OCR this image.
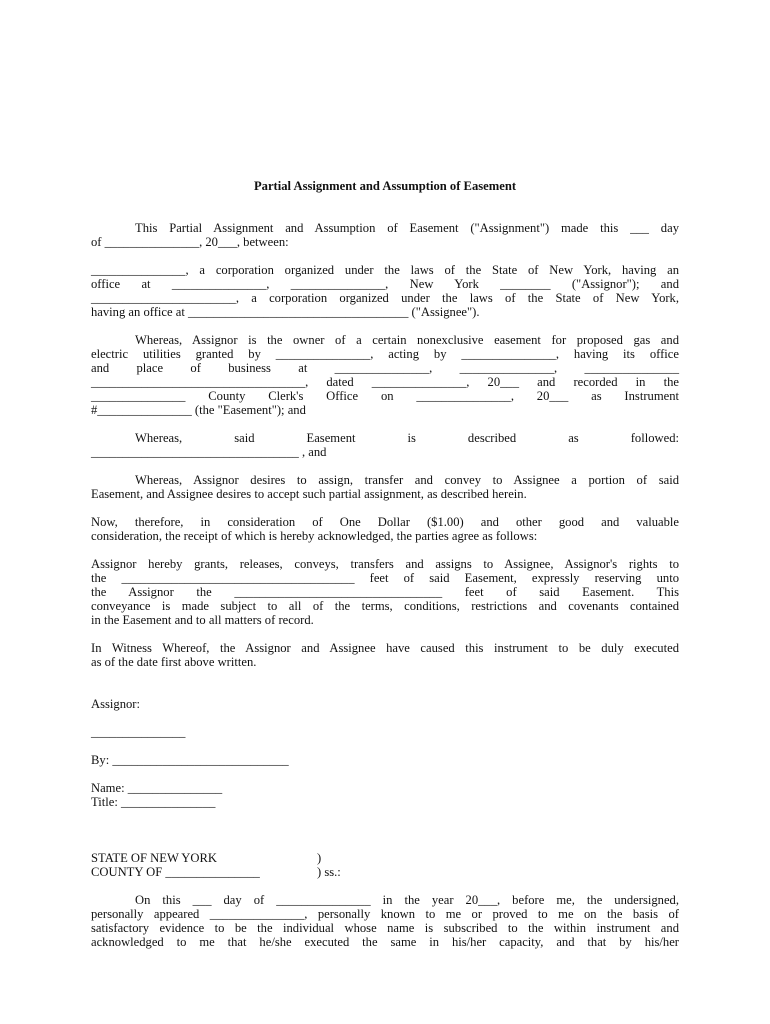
Partial Assignment and Assumption of Easement
This Partial Assignment and Assumption of Easement ("Assignment") made this ___ day
of _______________, 20___, between:
_______________, a corporation organized under the laws of the State of New York, having an
office at _______________, _______________, New York ________ ("Assignor"); and
_______________________, a corporation organized under the laws of the State of New York,
having an office at ___________________________________ ("Assignee").
Whereas, Assignor is the owner of a certain nonexclusive easement for proposed gas and
electric utilities granted by _______________, acting by _______________, having its office
and place of business at _______________, _______________, _______________
__________________________________, dated _______________, 20___ and recorded in the
_______________ County Clerk's Office on _______________, 20___ as Instrument
#_______________ (the "Easement"); and
Whereas, said Easement is described as followed:
_________________________________ , and
Whereas, Assignor desires to assign, transfer and convey to Assignee a portion of said
Easement, and Assignee desires to accept such partial assignment, as described herein.
Now, therefore, in consideration of One Dollar ($1.00) and other good and valuable
consideration, the receipt of which is hereby acknowledged, the parties agree as follows:
Assignor hereby grants, releases, conveys, transfers and assigns to Assignee, Assignor's rights to
the _____________________________________ feet of said Easement, expressly reserving unto
the Assignor the _________________________________ feet of said Easement. This
conveyance is made subject to all of the terms, conditions, restrictions and covenants contained
in the Easement and to all matters of record.
In Witness Whereof, the Assignor and Assignee have caused this instrument to be duly executed
as of the date first above written.
Assignor:
_______________
By: ____________________________
Name: _______________
Title: _______________
STATE OF NEW YORK	)
COUNTY OF _______________	) ss.:
On this ___ day of _______________ in the year 20___, before me, the undersigned,
personally appeared _______________, personally known to me or proved to me on the basis of
satisfactory evidence to be the individual whose name is subscribed to the within instrument and
acknowledged to me that he/she executed the same in his/her capacity, and that by his/her
